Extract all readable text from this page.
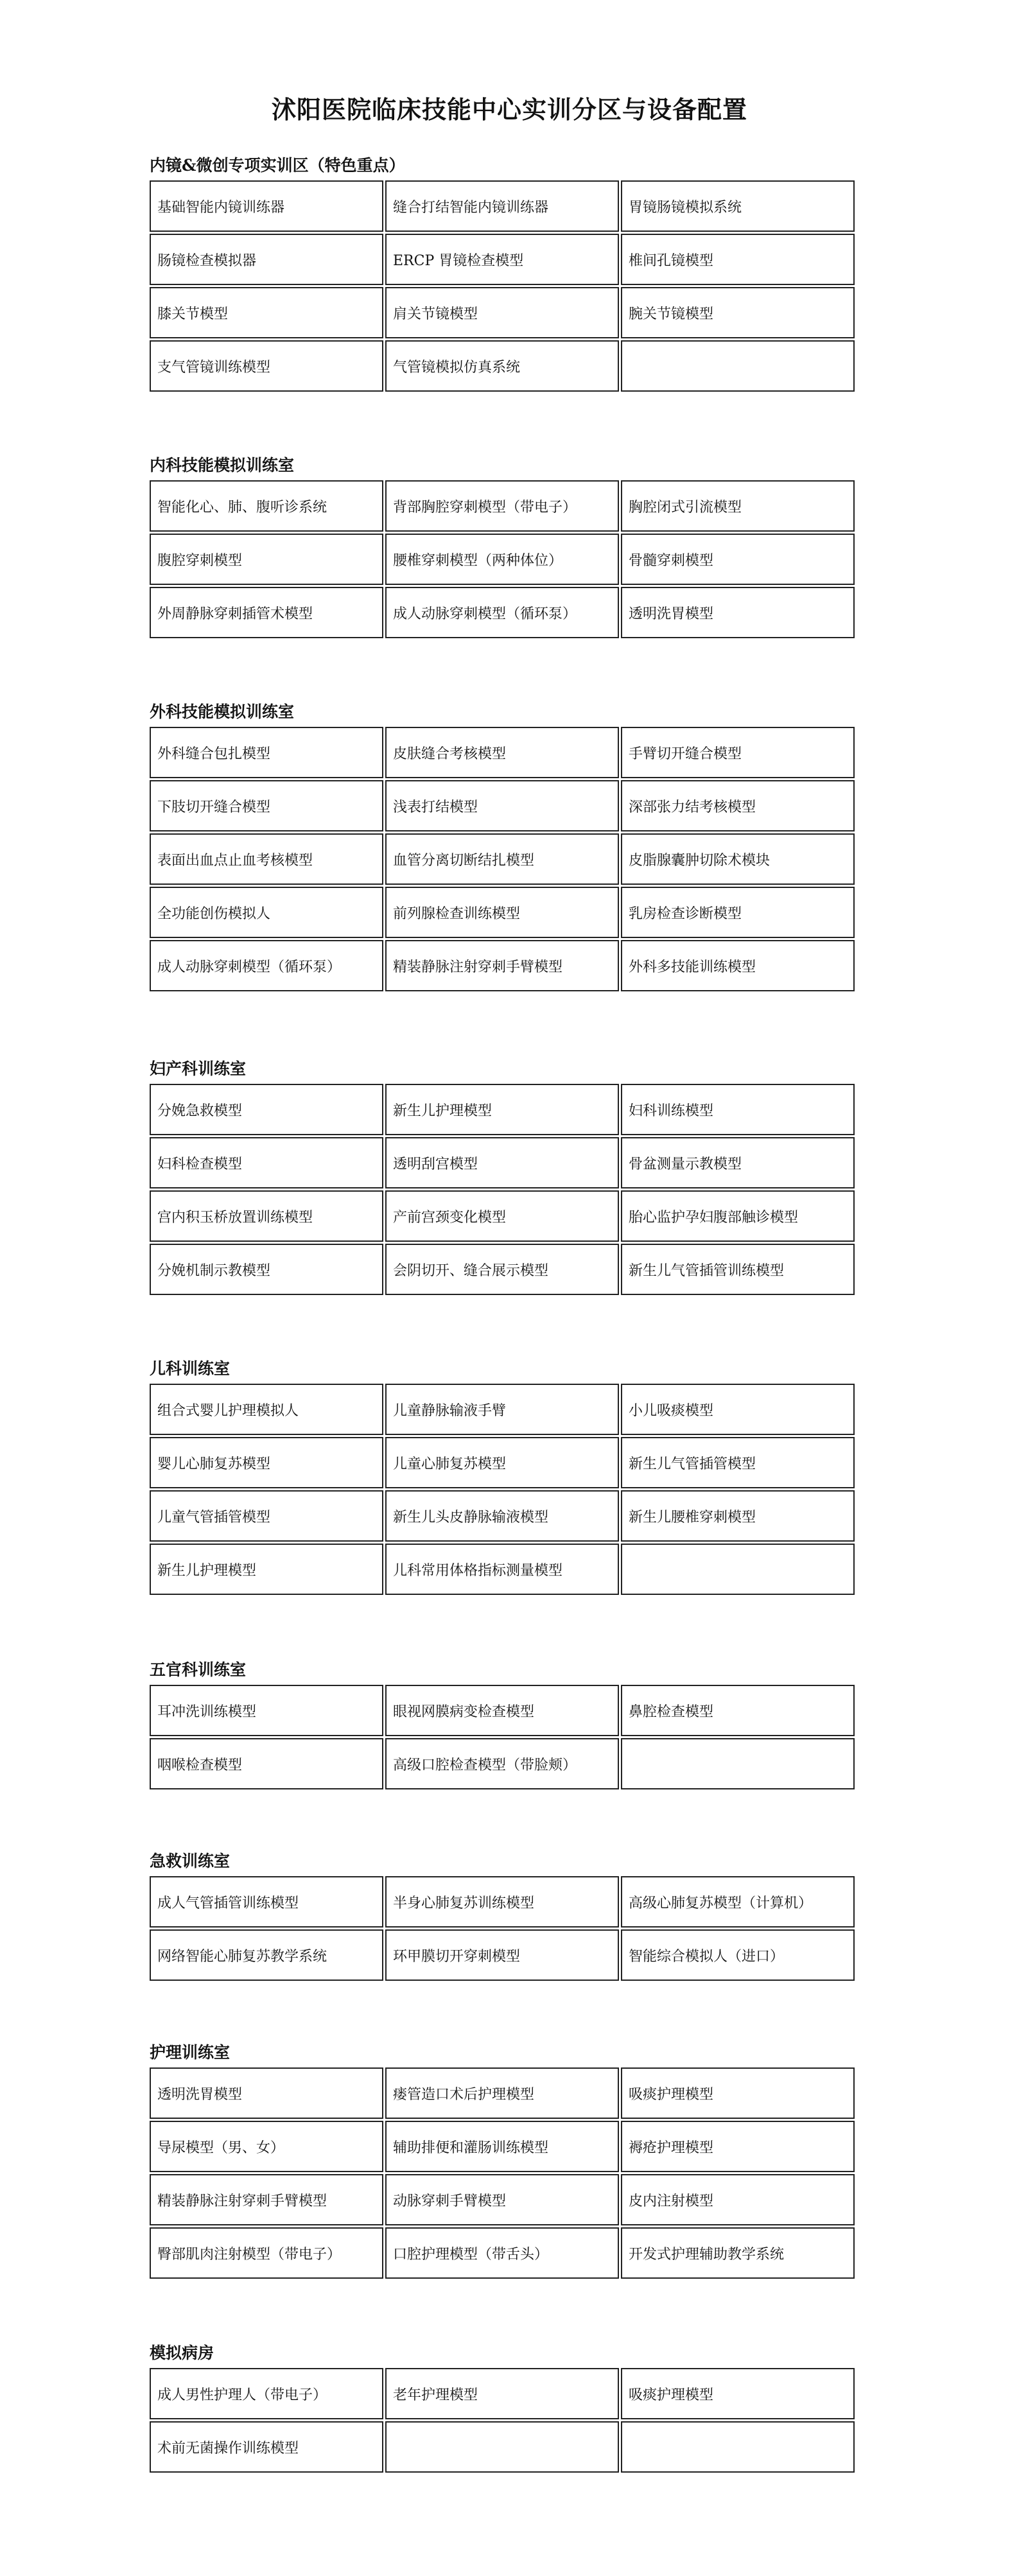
沭阳医院临床技能中心实训分区与设备配置
内镜&微创专项实训区（特色重点）
基础智能内镜训练器	缝合打结智能内镜训练器	胃镜肠镜模拟系统
肠镜检查模拟器	ERCP 胃镜检查模型	椎间孔镜模型
膝关节模型	肩关节镜模型	腕关节镜模型
支气管镜训练模型	气管镜模拟仿真系统	
内科技能模拟训练室
智能化心、肺、腹听诊系统	背部胸腔穿刺模型（带电子）	胸腔闭式引流模型
腹腔穿刺模型	腰椎穿刺模型（两种体位）	骨髓穿刺模型
外周静脉穿刺插管术模型	成人动脉穿刺模型（循环泵）	透明洗胃模型
外科技能模拟训练室
外科缝合包扎模型	皮肤缝合考核模型	手臂切开缝合模型
下肢切开缝合模型	浅表打结模型	深部张力结考核模型
表面出血点止血考核模型	血管分离切断结扎模型	皮脂腺囊肿切除术模块
全功能创伤模拟人	前列腺检查训练模型	乳房检查诊断模型
成人动脉穿刺模型（循环泵）	精装静脉注射穿刺手臂模型	外科多技能训练模型
妇产科训练室
分娩急救模型	新生儿护理模型	妇科训练模型
妇科检查模型	透明刮宫模型	骨盆测量示教模型
宫内积玉桥放置训练模型	产前宫颈变化模型	胎心监护孕妇腹部触诊模型
分娩机制示教模型	会阴切开、缝合展示模型	新生儿气管插管训练模型
儿科训练室
组合式婴儿护理模拟人	儿童静脉输液手臂	小儿吸痰模型
婴儿心肺复苏模型	儿童心肺复苏模型	新生儿气管插管模型
儿童气管插管模型	新生儿头皮静脉输液模型	新生儿腰椎穿刺模型
新生儿护理模型	儿科常用体格指标测量模型	
五官科训练室
耳冲洗训练模型	眼视网膜病变检查模型	鼻腔检查模型
咽喉检查模型	高级口腔检查模型（带脸颊）	
急救训练室
成人气管插管训练模型	半身心肺复苏训练模型	高级心肺复苏模型（计算机）
网络智能心肺复苏教学系统	环甲膜切开穿刺模型	智能综合模拟人（进口）
护理训练室
透明洗胃模型	瘘管造口术后护理模型	吸痰护理模型
导尿模型（男、女）	辅助排便和灌肠训练模型	褥疮护理模型
精装静脉注射穿刺手臂模型	动脉穿刺手臂模型	皮内注射模型
臀部肌肉注射模型（带电子）	口腔护理模型（带舌头）	开发式护理辅助教学系统
模拟病房
成人男性护理人（带电子）	老年护理模型	吸痰护理模型
术前无菌操作训练模型		
